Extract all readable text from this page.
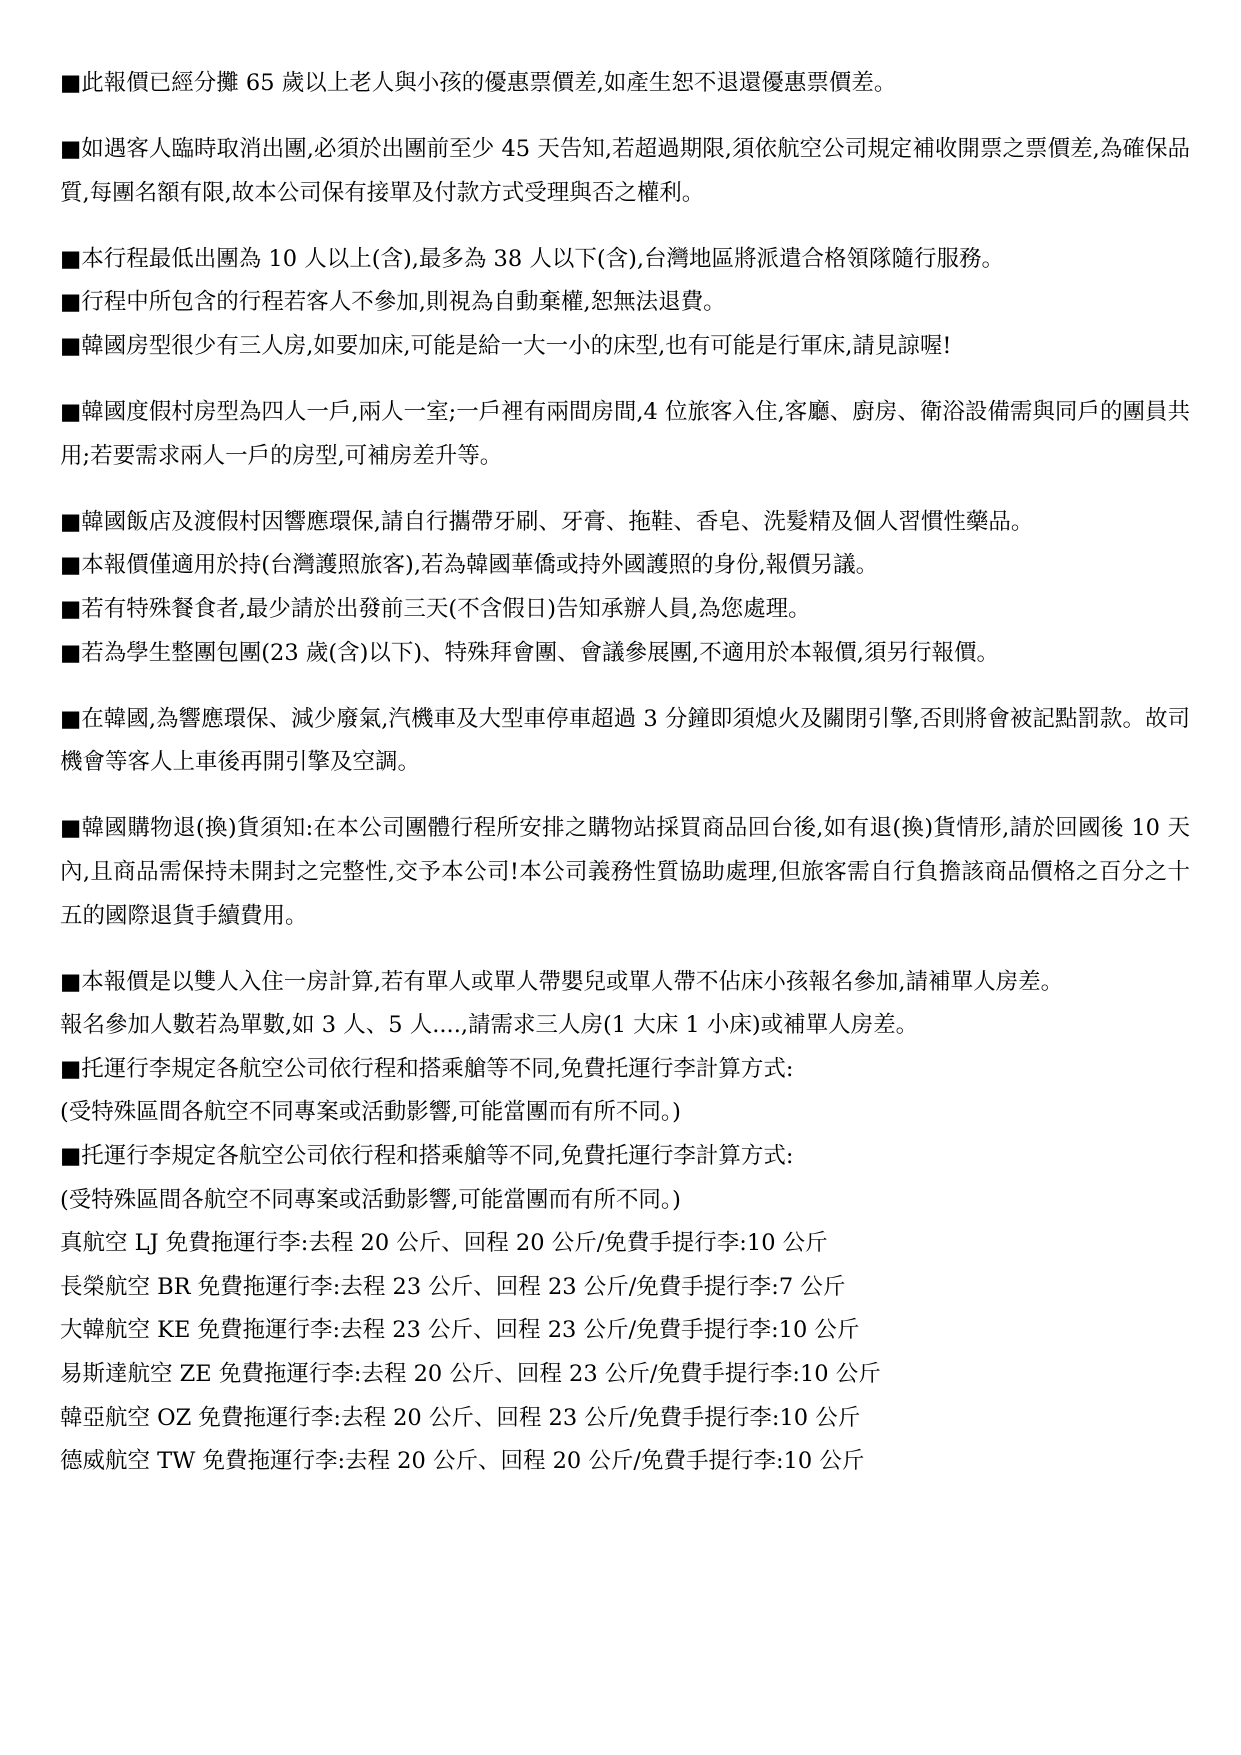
■此報價已經分攤 65 歲以上老人與小孩的優惠票價差,如產生恕不退還優惠票價差。

■如遇客人臨時取消出團,必須於出團前至少 45 天告知,若超過期限,須依航空公司規定補收開票之票價差,為確保品質,每團名額有限,故本公司保有接單及付款方式受理與否之權利。

■本行程最低出團為 10 人以上(含),最多為 38 人以下(含),台灣地區將派遣合格領隊隨行服務。

■行程中所包含的行程若客人不參加,則視為自動棄權,恕無法退費。

■韓國房型很少有三人房,如要加床,可能是給一大一小的床型,也有可能是行軍床,請見諒喔!

■韓國度假村房型為四人一戶,兩人一室;一戶裡有兩間房間,4 位旅客入住,客廳、廚房、衛浴設備需與同戶的團員共用;若要需求兩人一戶的房型,可補房差升等。

■韓國飯店及渡假村因響應環保,請自行攜帶牙刷、牙膏、拖鞋、香皂、洗髮精及個人習慣性藥品。

■本報價僅適用於持(台灣護照旅客),若為韓國華僑或持外國護照的身份,報價另議。

■若有特殊餐食者,最少請於出發前三天(不含假日)告知承辦人員,為您處理。

■若為學生整團包團(23 歲(含)以下)、特殊拜會團、會議參展團,不適用於本報價,須另行報價。

■在韓國,為響應環保、減少廢氣,汽機車及大型車停車超過 3 分鐘即須熄火及關閉引擎,否則將會被記點罰款。故司機會等客人上車後再開引擎及空調。

■韓國購物退(換)貨須知:在本公司團體行程所安排之購物站採買商品回台後,如有退(換)貨情形,請於回國後 10 天內,且商品需保持未開封之完整性,交予本公司!本公司義務性質協助處理,但旅客需自行負擔該商品價格之百分之十五的國際退貨手續費用。

■本報價是以雙人入住一房計算,若有單人或單人帶嬰兒或單人帶不佔床小孩報名參加,請補單人房差。

報名參加人數若為單數,如 3 人、5 人....,請需求三人房(1 大床 1 小床)或補單人房差。

■托運行李規定各航空公司依行程和搭乘艙等不同,免費托運行李計算方式:

(受特殊區間各航空不同專案或活動影響,可能當團而有所不同。)

■托運行李規定各航空公司依行程和搭乘艙等不同,免費托運行李計算方式:

(受特殊區間各航空不同專案或活動影響,可能當團而有所不同。)

真航空 LJ 免費拖運行李:去程 20 公斤、回程 20 公斤/免費手提行李:10 公斤

長榮航空 BR 免費拖運行李:去程 23 公斤、回程 23 公斤/免費手提行李:7 公斤

大韓航空 KE 免費拖運行李:去程 23 公斤、回程 23 公斤/免費手提行李:10 公斤

易斯達航空 ZE 免費拖運行李:去程 20 公斤、回程 23 公斤/免費手提行李:10 公斤

韓亞航空 OZ 免費拖運行李:去程 20 公斤、回程 23 公斤/免費手提行李:10 公斤

德威航空 TW 免費拖運行李:去程 20 公斤、回程 20 公斤/免費手提行李:10 公斤
